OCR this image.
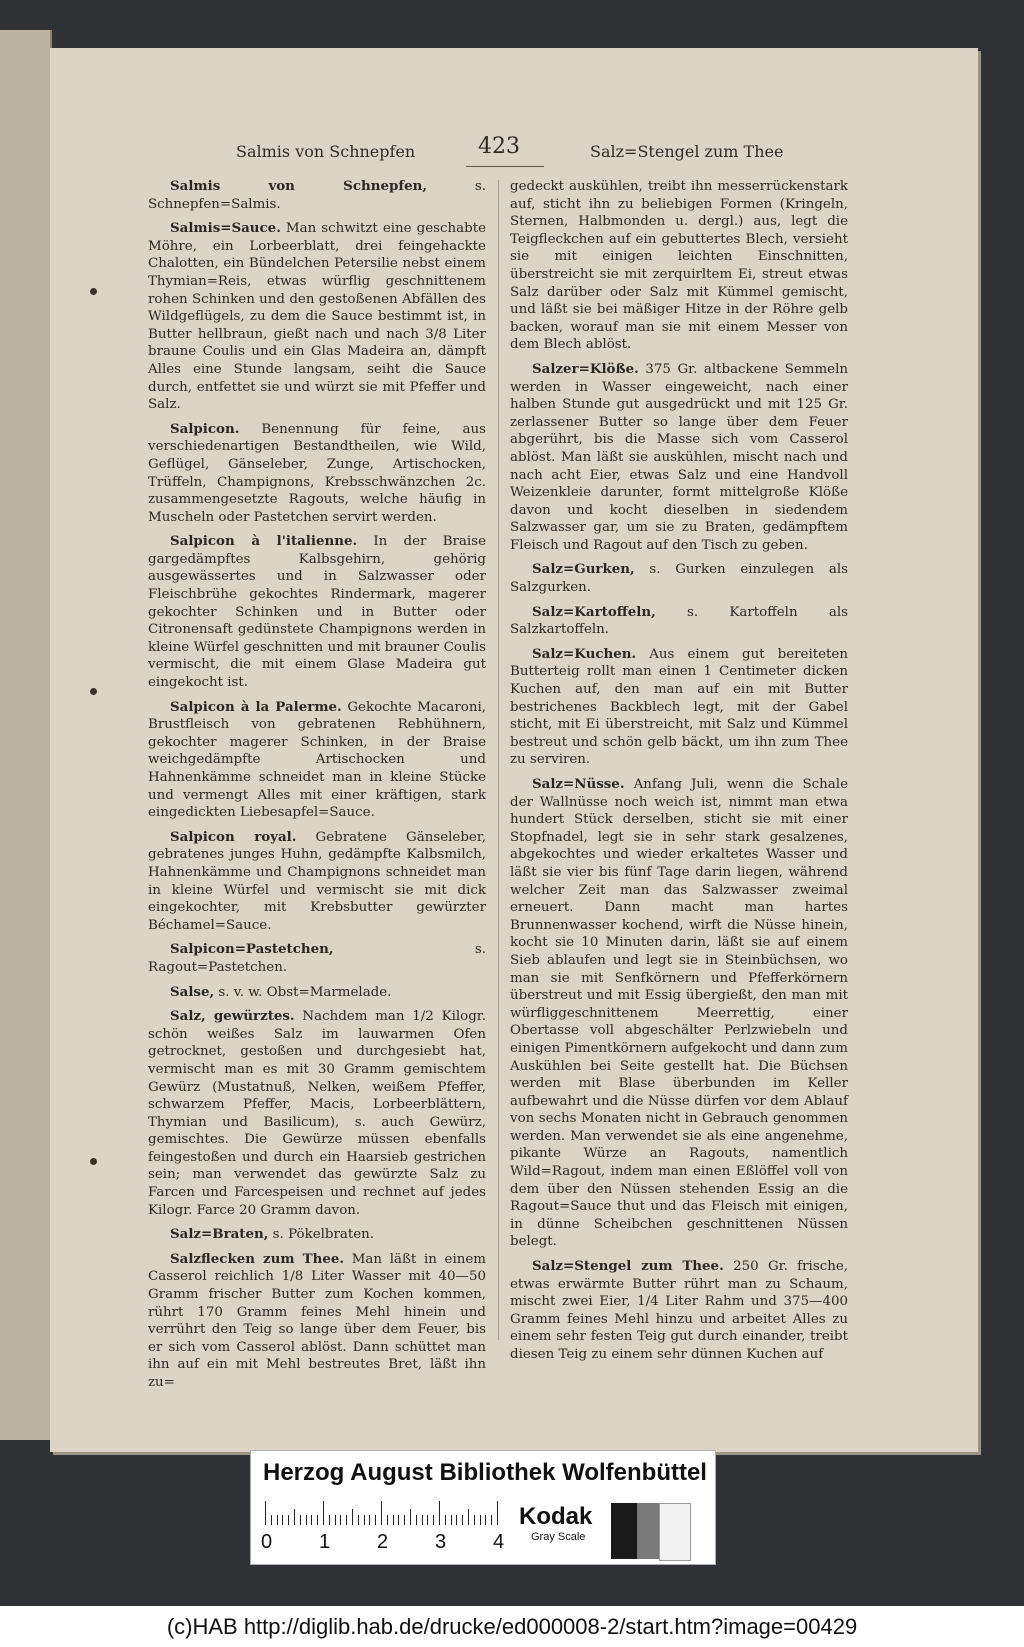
Salmis von Schnepfen	423	Salz=Stengel zum Thee

Salmis von Schnepfen, s. Schnepfen=Salmis.

Salmis=Sauce. Man schwitzt eine geschabte Möhre, ein Lorbeerblatt, drei feingehackte Chalotten, ein Bündelchen Petersilie nebst einem Thymian=Reis, etwas würflig geschnittenem rohen Schinken und den gestoßenen Abfällen des Wildgeflügels, zu dem die Sauce bestimmt ist, in Butter hellbraun, gießt nach und nach 3/8 Liter braune Coulis und ein Glas Madeira an, dämpft Alles eine Stunde langsam, seiht die Sauce durch, entfettet sie und würzt sie mit Pfeffer und Salz.

Salpicon. Benennung für feine, aus verschiedenartigen Bestandtheilen, wie Wild, Geflügel, Gänseleber, Zunge, Artischocken, Trüffeln, Champignons, Krebsschwänzchen 2c. zusammengesetzte Ragouts, welche häufig in Muscheln oder Pastetchen servirt werden.

Salpicon à l'italienne. In der Braise gargedämpftes Kalbsgehirn, gehörig ausgewässertes und in Salzwasser oder Fleischbrühe gekochtes Rindermark, magerer gekochter Schinken und in Butter oder Citronensaft gedünstete Champignons werden in kleine Würfel geschnitten und mit brauner Coulis vermischt, die mit einem Glase Madeira gut eingekocht ist.

Salpicon à la Palerme. Gekochte Macaroni, Brustfleisch von gebratenen Rebhühnern, gekochter magerer Schinken, in der Braise weichgedämpfte Artischocken und Hahnenkämme schneidet man in kleine Stücke und vermengt Alles mit einer kräftigen, stark eingedickten Liebesapfel=Sauce.

Salpicon royal. Gebratene Gänseleber, gebratenes junges Huhn, gedämpfte Kalbsmilch, Hahnenkämme und Champignons schneidet man in kleine Würfel und vermischt sie mit dick eingekochter, mit Krebsbutter gewürzter Béchamel=Sauce.

Salpicon=Pastetchen, s. Ragout=Pastetchen.

Salse, s. v. w. Obst=Marmelade.

Salz, gewürztes. Nachdem man 1/2 Kilogr. schön weißes Salz im lauwarmen Ofen getrocknet, gestoßen und durchgesiebt hat, vermischt man es mit 30 Gramm gemischtem Gewürz (Mustatnuß, Nelken, weißem Pfeffer, schwarzem Pfeffer, Macis, Lorbeerblättern, Thymian und Basilicum), s. auch Gewürz, gemischtes. Die Gewürze müssen ebenfalls feingestoßen und durch ein Haarsieb gestrichen sein; man verwendet das gewürzte Salz zu Farcen und Farcespeisen und rechnet auf jedes Kilogr. Farce 20 Gramm davon.

Salz=Braten, s. Pökelbraten.

Salzflecken zum Thee. Man läßt in einem Casserol reichlich 1/8 Liter Wasser mit 40—50 Gramm frischer Butter zum Kochen kommen, rührt 170 Gramm feines Mehl hinein und verrührt den Teig so lange über dem Feuer, bis er sich vom Casserol ablöst. Dann schüttet man ihn auf ein mit Mehl bestreutes Bret, läßt ihn zu=

gedeckt auskühlen, treibt ihn messerrückenstark auf, sticht ihn zu beliebigen Formen (Kringeln, Sternen, Halbmonden u. dergl.) aus, legt die Teigfleckchen auf ein gebuttertes Blech, versieht sie mit einigen leichten Einschnitten, überstreicht sie mit zerquirltem Ei, streut etwas Salz darüber oder Salz mit Kümmel gemischt, und läßt sie bei mäßiger Hitze in der Röhre gelb backen, worauf man sie mit einem Messer von dem Blech ablöst.

Salzer=Klöße. 375 Gr. altbackene Semmeln werden in Wasser eingeweicht, nach einer halben Stunde gut ausgedrückt und mit 125 Gr. zerlassener Butter so lange über dem Feuer abgerührt, bis die Masse sich vom Casserol ablöst. Man läßt sie auskühlen, mischt nach und nach acht Eier, etwas Salz und eine Handvoll Weizenkleie darunter, formt mittelgroße Klöße davon und kocht dieselben in siedendem Salzwasser gar, um sie zu Braten, gedämpftem Fleisch und Ragout auf den Tisch zu geben.

Salz=Gurken, s. Gurken einzulegen als Salzgurken.

Salz=Kartoffeln, s. Kartoffeln als Salzkartoffeln.

Salz=Kuchen. Aus einem gut bereiteten Butterteig rollt man einen 1 Centimeter dicken Kuchen auf, den man auf ein mit Butter bestrichenes Backblech legt, mit der Gabel sticht, mit Ei überstreicht, mit Salz und Kümmel bestreut und schön gelb bäckt, um ihn zum Thee zu serviren.

Salz=Nüsse. Anfang Juli, wenn die Schale der Wallnüsse noch weich ist, nimmt man etwa hundert Stück derselben, sticht sie mit einer Stopfnadel, legt sie in sehr stark gesalzenes, abgekochtes und wieder erkaltetes Wasser und läßt sie vier bis fünf Tage darin liegen, während welcher Zeit man das Salzwasser zweimal erneuert. Dann macht man hartes Brunnenwasser kochend, wirft die Nüsse hinein, kocht sie 10 Minuten darin, läßt sie auf einem Sieb ablaufen und legt sie in Steinbüchsen, wo man sie mit Senfkörnern und Pfefferkörnern überstreut und mit Essig übergießt, den man mit würfliggeschnittenem Meerrettig, einer Obertasse voll abgeschälter Perlzwiebeln und einigen Pimentkörnern aufgekocht und dann zum Auskühlen bei Seite gestellt hat. Die Büchsen werden mit Blase überbunden im Keller aufbewahrt und die Nüsse dürfen vor dem Ablauf von sechs Monaten nicht in Gebrauch genommen werden. Man verwendet sie als eine angenehme, pikante Würze an Ragouts, namentlich Wild=Ragout, indem man einen Eßlöffel voll von dem über den Nüssen stehenden Essig an die Ragout=Sauce thut und das Fleisch mit einigen, in dünne Scheibchen geschnittenen Nüssen belegt.

Salz=Stengel zum Thee. 250 Gr. frische, etwas erwärmte Butter rührt man zu Schaum, mischt zwei Eier, 1/4 Liter Rahm und 375—400 Gramm feines Mehl hinzu und arbeitet Alles zu einem sehr festen Teig gut durch einander, treibt diesen Teig zu einem sehr dünnen Kuchen auf

Herzog August Bibliothek Wolfenbüttel
0 1 2 3 4
Kodak
Gray Scale
(c)HAB http://diglib.hab.de/drucke/ed000008-2/start.htm?image=00429
